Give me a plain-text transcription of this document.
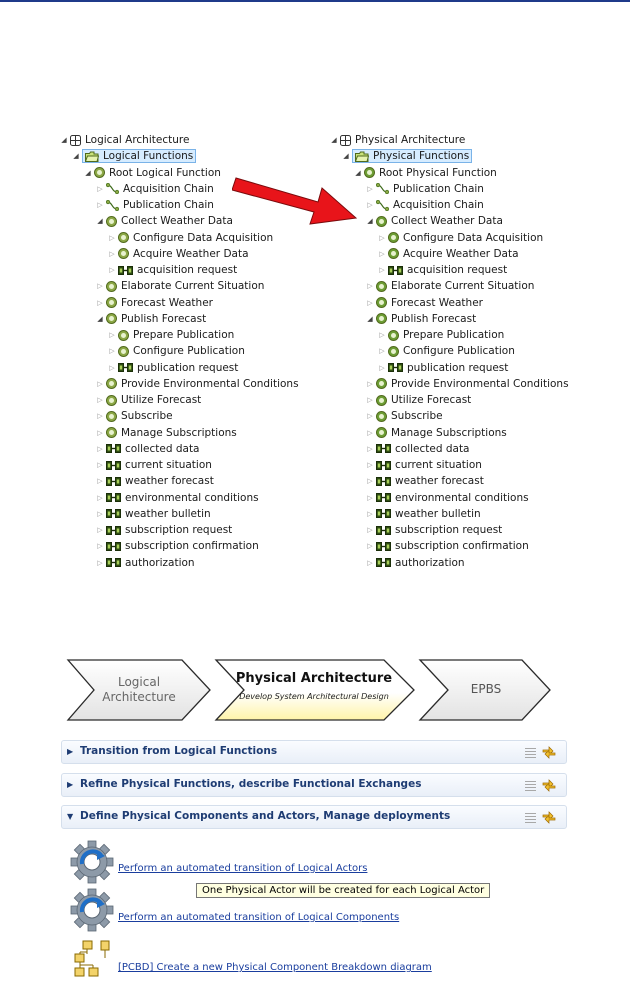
◢ Logical Architecture
◢ Logical Functions
◢ Root Logical Function
▷ Acquisition Chain
▷ Publication Chain
◢ Collect Weather Data
▷ Configure Data Acquisition
▷ Acquire Weather Data
▷ acquisition request
▷ Elaborate Current Situation
▷ Forecast Weather
◢ Publish Forecast
▷ Prepare Publication
▷ Configure Publication
▷ publication request
▷ Provide Environmental Conditions
▷ Utilize Forecast
▷ Subscribe
▷ Manage Subscriptions
▷ collected data
▷ current situation
▷ weather forecast
▷ environmental conditions
▷ weather bulletin
▷ subscription request
▷ subscription confirmation
▷ authorization
◢ Physical Architecture
◢ Physical Functions
◢ Root Physical Function
▷ Publication Chain
▷ Acquisition Chain
◢ Collect Weather Data
▷ Configure Data Acquisition
▷ Acquire Weather Data
▷ acquisition request
▷ Elaborate Current Situation
▷ Forecast Weather
◢ Publish Forecast
▷ Prepare Publication
▷ Configure Publication
▷ publication request
▷ Provide Environmental Conditions
▷ Utilize Forecast
▷ Subscribe
▷ Manage Subscriptions
▷ collected data
▷ current situation
▷ weather forecast
▷ environmental conditions
▷ weather bulletin
▷ subscription request
▷ subscription confirmation
▷ authorization
Logical
Architecture
Physical Architecture
Develop System Architectural Design
EPBS
▶ Transition from Logical Functions
▶ Refine Physical Functions, describe Functional Exchanges
▼ Define Physical Components and Actors, Manage deployments
Perform an automated transition of Logical Actors
One Physical Actor will be created for each Logical Actor
Perform an automated transition of Logical Components
[PCBD] Create a new Physical Component Breakdown diagram
